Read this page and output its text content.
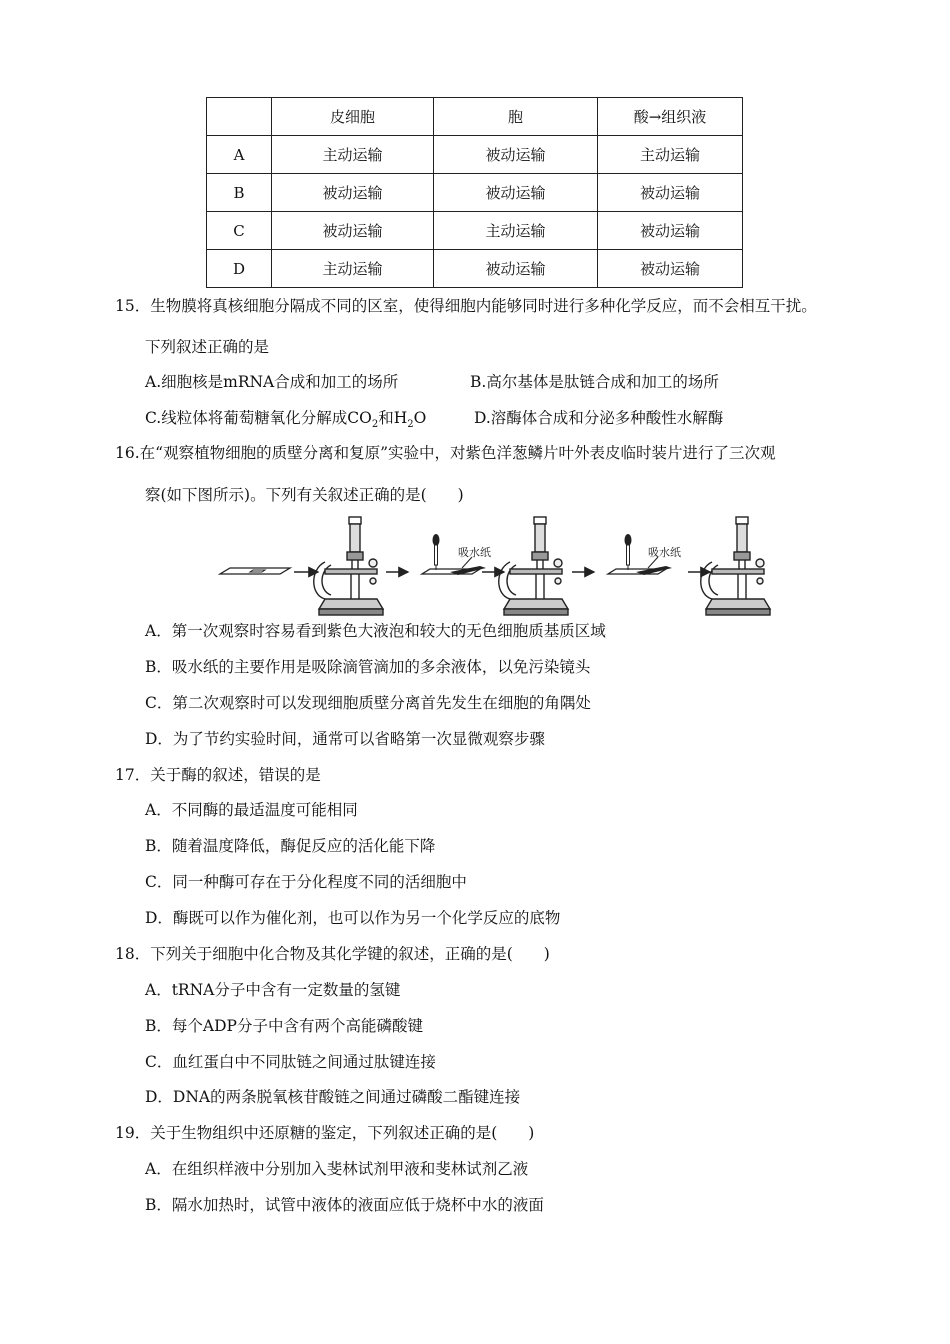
	皮细胞	胞	酸→组织液
A	主动运输	被动运输	主动运输
B	被动运输	被动运输	被动运输
C	被动运输	主动运输	被动运输
D	主动运输	被动运输	被动运输
15．生物膜将真核细胞分隔成不同的区室，使得细胞内能够同时进行多种化学反应，而不会相互干扰。
下列叙述正确的是
A.细胞核是mRNA合成和加工的场所	B.高尔基体是肽链合成和加工的场所
C.线粒体将葡萄糖氧化分解成$CO_2$和$H_2O$	D.溶酶体合成和分泌多种酸性水解酶
16.在“观察植物细胞的质壁分离和复原”实验中，对紫色洋葱鳞片叶外表皮临时装片进行了三次观
察(如下图所示)。下列有关叙述正确的是(　　)
吸水纸	吸水纸
A．第一次观察时容易看到紫色大液泡和较大的无色细胞质基质区域
B．吸水纸的主要作用是吸除滴管滴加的多余液体，以免污染镜头
C．第二次观察时可以发现细胞质壁分离首先发生在细胞的角隅处
D．为了节约实验时间，通常可以省略第一次显微观察步骤
17．关于酶的叙述，错误的是
A．不同酶的最适温度可能相同
B．随着温度降低，酶促反应的活化能下降
C．同一种酶可存在于分化程度不同的活细胞中
D．酶既可以作为催化剂，也可以作为另一个化学反应的底物
18．下列关于细胞中化合物及其化学键的叙述，正确的是(　　)
A．tRNA分子中含有一定数量的氢键
B．每个ADP分子中含有两个高能磷酸键
C．血红蛋白中不同肽链之间通过肽键连接
D．DNA的两条脱氧核苷酸链之间通过磷酸二酯键连接
19．关于生物组织中还原糖的鉴定，下列叙述正确的是(　　)
A．在组织样液中分别加入斐林试剂甲液和斐林试剂乙液
B．隔水加热时，试管中液体的液面应低于烧杯中水的液面
